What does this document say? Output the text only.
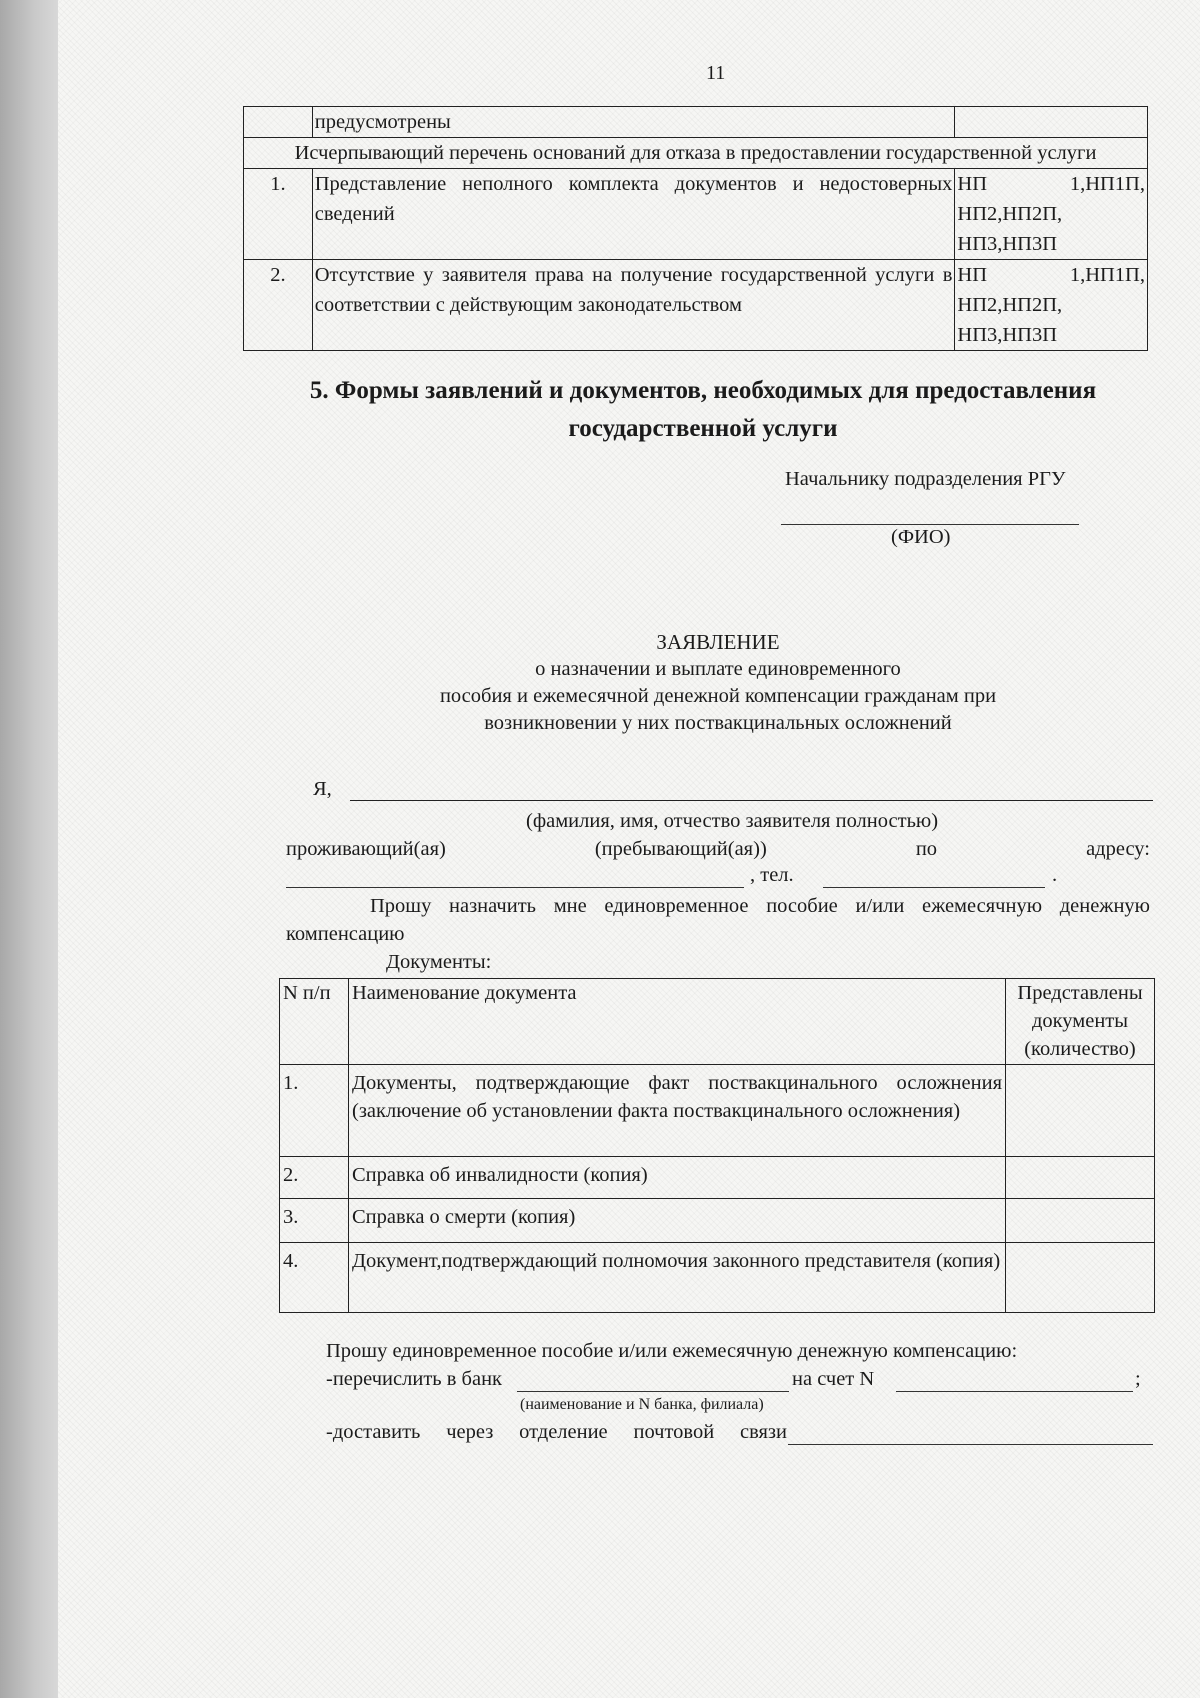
11
	предусмотрены	
Исчерпывающий перечень оснований для отказа в предоставлении государственной услуги		
1.	Представление неполного комплекта документов и недостоверных сведений	НП 1,НП1П,
НП2,НП2П,
НП3,НП3П

2.	Отсутствие у заявителя права на получение государственной услуги в соответствии с действующим законодательством	НП 1,НП1П,
НП2,НП2П,
НП3,НП3П
5. Формы заявлений и документов, необходимых для предоставления государственной услуги
Начальнику подразделения РГУ
(ФИО)
ЗАЯВЛЕНИЕ
о назначении и выплате единовременного
пособия и ежемесячной денежной компенсации гражданам при
возникновении у них поствакцинальных осложнений
Я,
(фамилия, имя, отчество заявителя полностью)
проживающий(ая)	(пребывающий(ая))	по	адресу:
, тел.	.
Прошу назначить мне единовременное пособие и/или ежемесячную денежную компенсацию
Документы:
N п/п	Наименование документа	Представлены документы (количество)
1.	Документы, подтверждающие факт поствакцинального осложнения (заключение об установлении факта поствакцинального осложнения)	
2.	Справка об инвалидности (копия)	
3.	Справка о смерти (копия)	
4.	Документ,подтверждающий полномочия законного представителя (копия)	
Прошу единовременное пособие и/или ежемесячную денежную компенсацию:
-перечислить в банк	на счет N	;
(наименование и N банка, филиала)
-доставить через отделение почтовой связи
